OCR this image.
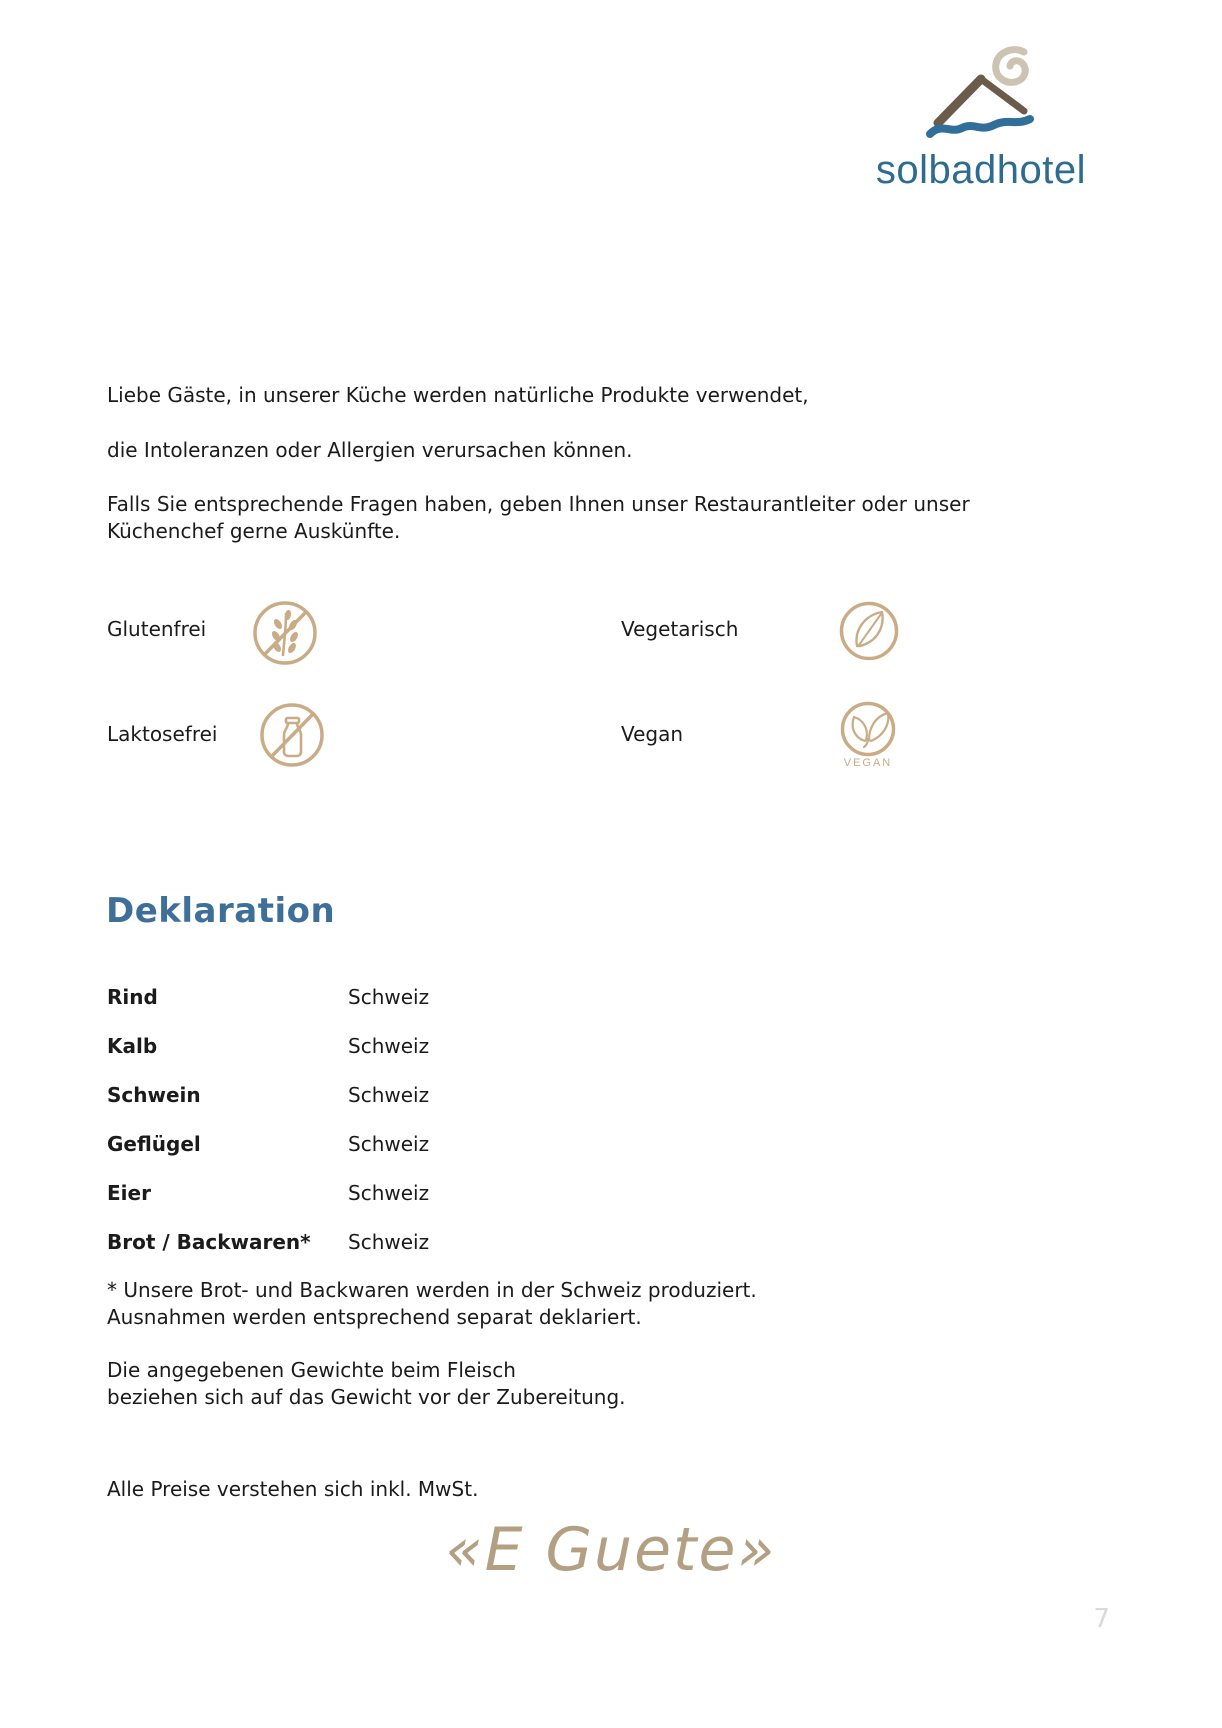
solbadhotel
Liebe Gäste, in unserer Küche werden natürliche Produkte verwendet,
die Intoleranzen oder Allergien verursachen können.
Falls Sie entsprechende Fragen haben, geben Ihnen unser Restaurantleiter oder unser
Küchenchef gerne Auskünfte.
Glutenfrei	Vegetarisch
Laktosefrei	Vegan
VEGAN
Deklaration
Rind	Schweiz
Kalb	Schweiz
Schwein	Schweiz
Geflügel	Schweiz
Eier	Schweiz
Brot / Backwaren* Schweiz
* Unsere Brot- und Backwaren werden in der Schweiz produziert.
Ausnahmen werden entsprechend separat deklariert.
Die angegebenen Gewichte beim Fleisch
beziehen sich auf das Gewicht vor der Zubereitung.
Alle Preise verstehen sich inkl. MwSt.
«E Guete»
7
